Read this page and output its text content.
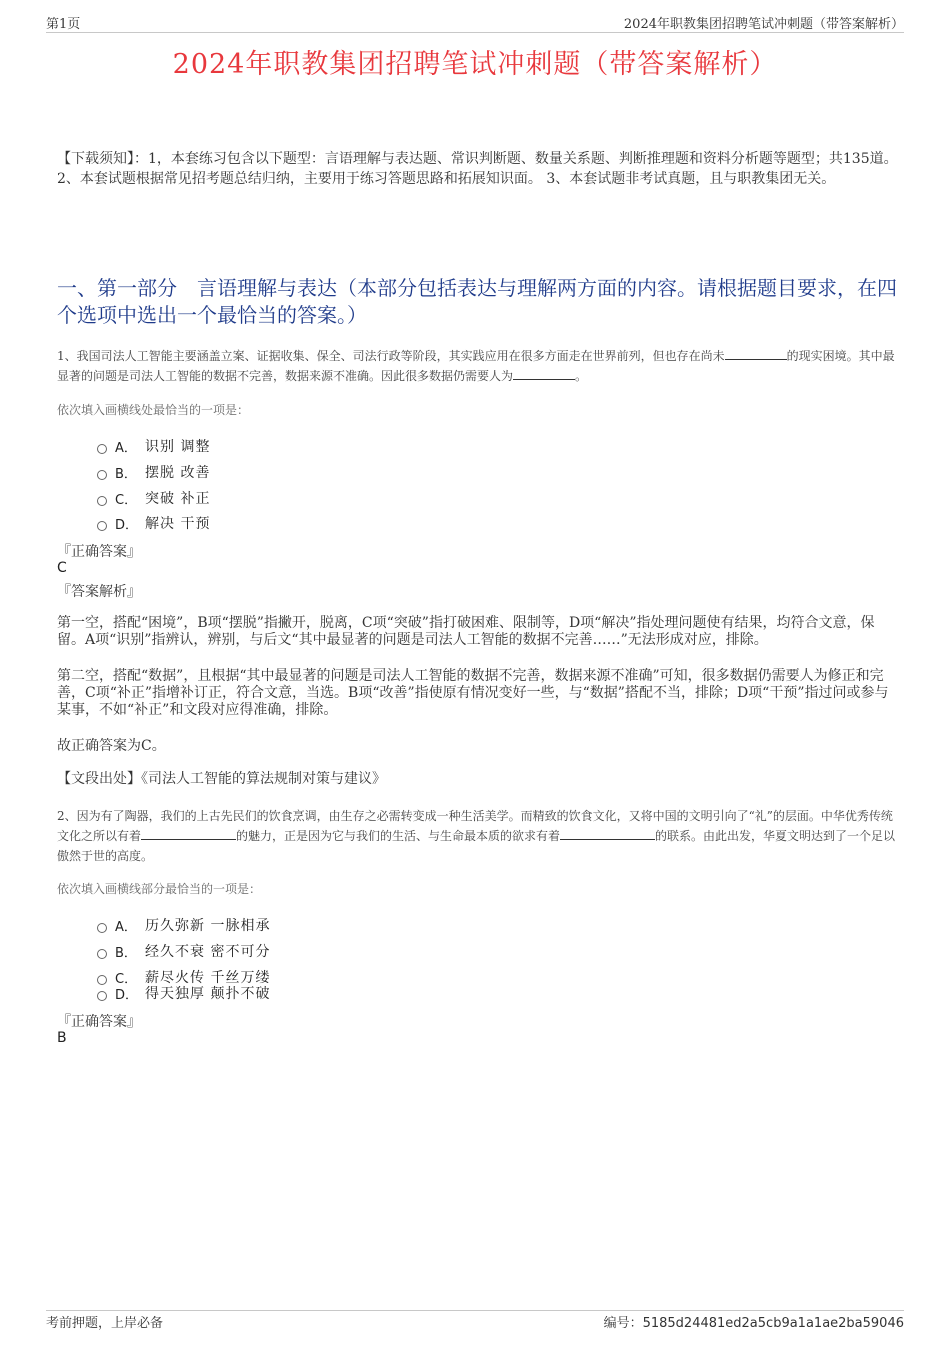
第1页	2024年职教集团招聘笔试冲刺题（带答案解析）
2024年职教集团招聘笔试冲刺题（带答案解析）
【下载须知】：1，本套练习包含以下题型：言语理解与表达题、常识判断题、数量关系题、判断推理题和资料分析题等题型；共135道。 2、本套试题根据常见招考题总结归纳，主要用于练习答题思路和拓展知识面。 3、本套试题非考试真题，且与职教集团无关。
一、第一部分　言语理解与表达（本部分包括表达与理解两方面的内容。请根据题目要求，在四个选项中选出一个最恰当的答案。）
1、我国司法人工智能主要涵盖立案、证据收集、保全、司法行政等阶段，其实践应用在很多方面走在世界前列，但也存在尚未	的现实困境。其中最显著的问题是司法人工智能的数据不完善，数据来源不准确。因此很多数据仍需要人为	。
依次填入画横线处最恰当的一项是：
A． 识别 调整
B． 摆脱 改善
C． 突破 补正
D． 解决 干预
『正确答案』
C
『答案解析』
第一空，搭配“困境”，B项“摆脱”指撇开，脱离，C项“突破”指打破困难、限制等，D项“解决”指处理问题使有结果，均符合文意，保留。A项“识别”指辨认，辨别，与后文“其中最显著的问题是司法人工智能的数据不完善……”无法形成对应，排除。
第二空，搭配“数据”，且根据“其中最显著的问题是司法人工智能的数据不完善，数据来源不准确”可知，很多数据仍需要人为修正和完善，C项“补正”指增补订正，符合文意，当选。B项“改善”指使原有情况变好一些，与“数据”搭配不当，排除；D项“干预”指过问或参与某事，不如“补正”和文段对应得准确，排除。
故正确答案为C。
【文段出处】《司法人工智能的算法规制对策与建议》
2、因为有了陶器，我们的上古先民们的饮食烹调，由生存之必需转变成一种生活美学。而精致的饮食文化，又将中国的文明引向了“礼”的层面。中华优秀传统文化之所以有着	的魅力，正是因为它与我们的生活、与生命最本质的欲求有着	的联系。由此出发，华夏文明达到了一个足以傲然于世的高度。
依次填入画横线部分最恰当的一项是：
A． 历久弥新 一脉相承
B． 经久不衰 密不可分
C． 薪尽火传 千丝万缕
D． 得天独厚 颠扑不破
『正确答案』
B
考前押题，上岸必备	编号：5185d24481ed2a5cb9a1a1ae2ba59046
